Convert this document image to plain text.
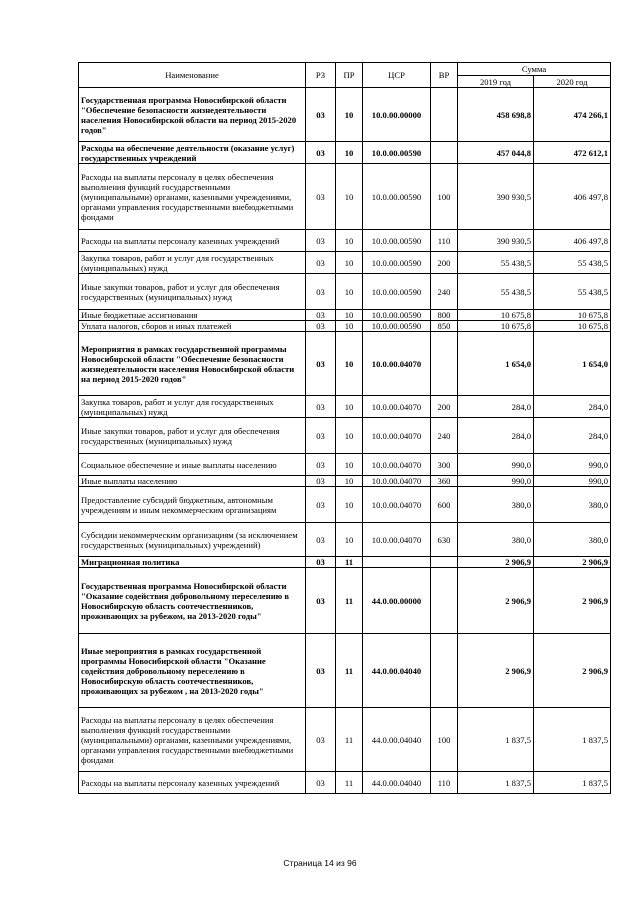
Наименование	РЗ	ПР	ЦСР	ВР	Сумма	
					2019 год	2020 год
Государственная программа Новосибирской области "Обеспечение безопасности жизнедеятельности населения Новосибирской области на период 2015-2020 годов"	03	10	10.0.00.00000		458 698,8	474 266,1
Расходы на обеспечение деятельности (оказание услуг) государственных учреждений	03	10	10.0.00.00590		457 044,8	472 612,1
Расходы на выплаты персоналу в целях обеспечения выполнения функций государственными (муниципальными) органами, казенными учреждениями, органами управления государственными внебюджетными фондами	03	10	10.0.00.00590	100	390 930,5	406 497,8
Расходы на выплаты персоналу казенных учреждений	03	10	10.0.00.00590	110	390 930,5	406 497,8
Закупка товаров, работ и услуг для государственных (муниципальных) нужд	03	10	10.0.00.00590	200	55 438,5	55 438,5
Иные закупки товаров, работ и услуг для обеспечения государственных (муниципальных) нужд	03	10	10.0.00.00590	240	55 438,5	55 438,5
Иные бюджетные ассигнования	03	10	10.0.00.00590	800	10 675,8	10 675,8
Уплата налогов, сборов и иных платежей	03	10	10.0.00.00590	850	10 675,8	10 675,8
Мероприятия в рамках государственной программы Новосибирской области "Обеспечение безопасности жизнедеятельности населения Новосибирской области на период 2015-2020 годов"	03	10	10.0.00.04070		1 654,0	1 654,0
Закупка товаров, работ и услуг для государственных (муниципальных) нужд	03	10	10.0.00.04070	200	284,0	284,0
Иные закупки товаров, работ и услуг для обеспечения государственных (муниципальных) нужд	03	10	10.0.00.04070	240	284,0	284,0
Социальное обеспечение и иные выплаты населению	03	10	10.0.00.04070	300	990,0	990,0
Иные выплаты населению	03	10	10.0.00.04070	360	990,0	990,0
Предоставление субсидий бюджетным, автономным учреждениям и иным некоммерческим организациям	03	10	10.0.00.04070	600	380,0	380,0
Субсидии некоммерческим организациям (за исключением государственных (муниципальных) учреждений)	03	10	10.0.00.04070	630	380,0	380,0
Миграционная политика	03	11			2 906,9	2 906,9
Государственная программа Новосибирской области "Оказание содействия добровольному переселению в Новосибирскую область соотечественников, проживающих за рубежом, на 2013-2020 годы"	03	11	44.0.00.00000		2 906,9	2 906,9
Иные мероприятия в рамках государственной программы Новосибирской области "Оказание содействия добровольному переселению в Новосибирскую область соотечественников, проживающих за рубежом , на 2013-2020 годы"	03	11	44.0.00.04040		2 906,9	2 906,9
Расходы на выплаты персоналу в целях обеспечения выполнения функций государственными (муниципальными) органами, казенными учреждениями, органами управления государственными внебюджетными фондами	03	11	44.0.00.04040	100	1 837,5	1 837,5
Расходы на выплаты персоналу казенных учреждений	03	11	44.0.00.04040	110	1 837,5	1 837,5
Страница 14 из 96
